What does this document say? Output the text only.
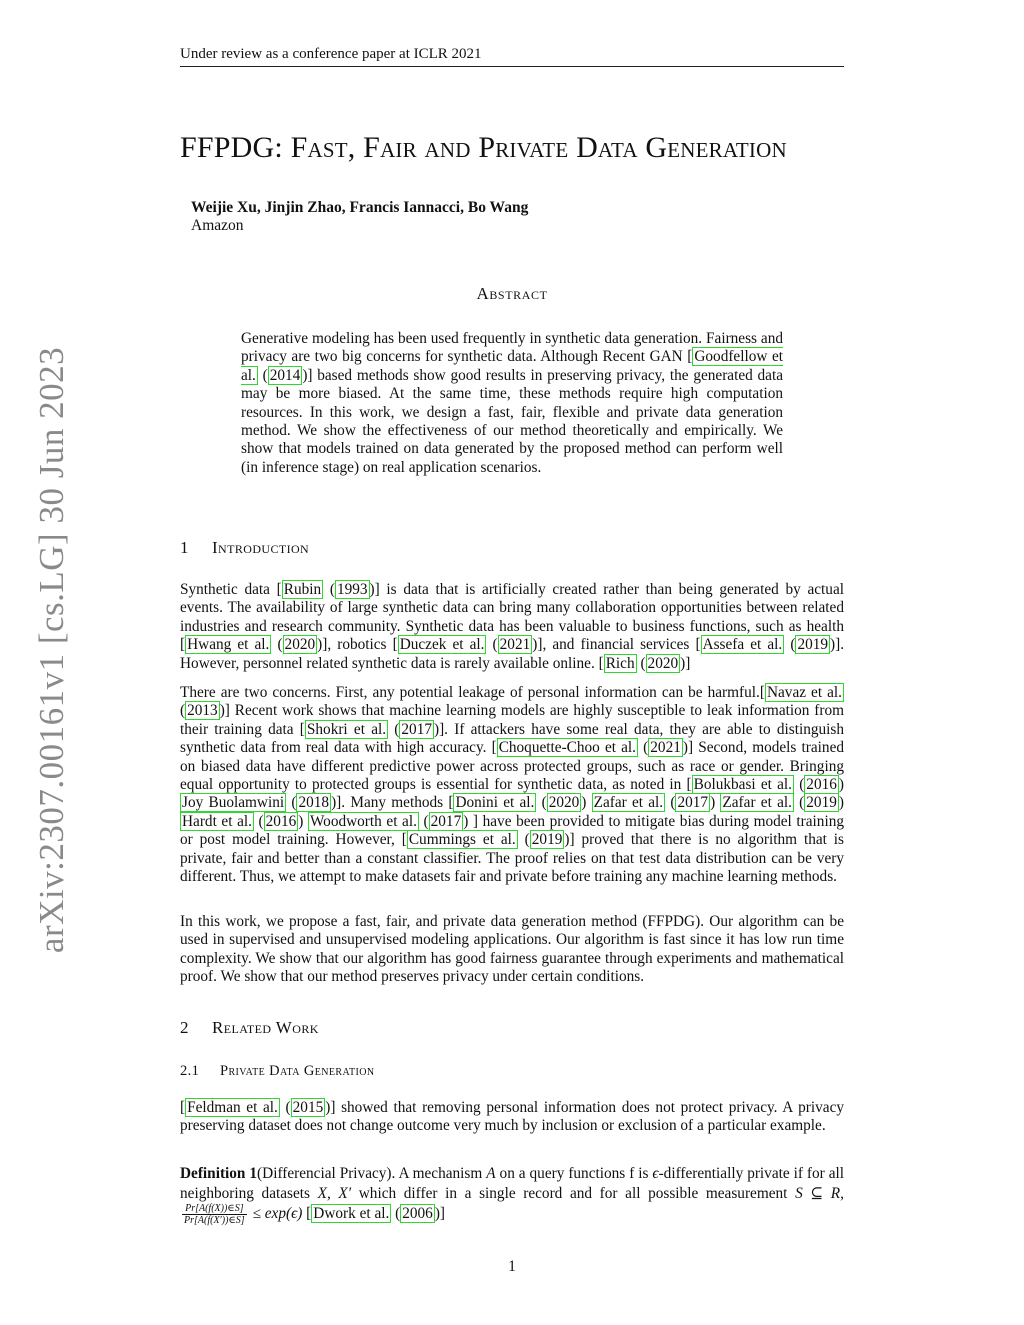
Under review as a conference paper at ICLR 2021
FFPDG: Fast, Fair and Private Data Generation
Weijie Xu, Jinjin Zhao, Francis Iannacci, Bo Wang
Amazon
Abstract
Generative modeling has been used frequently in synthetic data generation. Fairness and privacy are two big concerns for synthetic data. Although Recent GAN [ Goodfellow et al. ( 2014 )] based methods show good results in preserving privacy, the generated data may be more biased. At the same time, these methods require high computation resources. In this work, we design a fast, fair, flexible and private data generation method. We show the effectiveness of our method theoretically and empirically. We show that models trained on data generated by the proposed method can perform well (in inference stage) on real application scenarios.
1 Introduction
Synthetic data [ Rubin ( 1993 )] is data that is artificially created rather than being generated by actual events. The availability of large synthetic data can bring many collaboration opportunities between related industries and research community. Synthetic data has been valuable to business functions, such as health [ Hwang et al. ( 2020 )], robotics [ Duczek et al. ( 2021 )], and financial services [ Assefa et al. ( 2019 )]. However, personnel related synthetic data is rarely available online. [ Rich ( 2020 )]
There are two concerns. First, any potential leakage of personal information can be harmful.[ Navaz et al. ( 2013 )] Recent work shows that machine learning models are highly susceptible to leak information from their training data [ Shokri et al. ( 2017 )]. If attackers have some real data, they are able to distinguish synthetic data from real data with high accuracy. [ Choquette-Choo et al. ( 2021 )] Second, models trained on biased data have different predictive power across protected groups, such as race or gender. Bringing equal opportunity to protected groups is essential for synthetic data, as noted in [ Bolukbasi et al. ( 2016 ) Joy Buolamwini ( 2018 )]. Many methods [ Donini et al. ( 2020 ) Zafar et al. ( 2017 ) Zafar et al. ( 2019 ) Hardt et al. ( 2016 ) Woodworth et al. ( 2017 ) ] have been provided to mitigate bias during model training or post model training. However, [ Cummings et al. ( 2019 )] proved that there is no algorithm that is private, fair and better than a constant classifier. The proof relies on that test data distribution can be very different. Thus, we attempt to make datasets fair and private before training any machine learning methods.
In this work, we propose a fast, fair, and private data generation method (FFPDG). Our algorithm can be used in supervised and unsupervised modeling applications. Our algorithm is fast since it has low run time complexity. We show that our algorithm has good fairness guarantee through experiments and mathematical proof. We show that our method preserves privacy under certain conditions.
2 Related Work
2.1 Private Data Generation
[ Feldman et al. ( 2015 )] showed that removing personal information does not protect privacy. A privacy preserving dataset does not change outcome very much by inclusion or exclusion of a particular example.
Definition 1(Differencial Privacy). A mechanism A on a query functions f is ϵ-differentially private if for all neighboring datasets X, X′ which differ in a single record and for all possible measurement S ⊆ R,
$\frac{Pr[A(f(X))\in S]}{Pr[A(f(X'))\in S]} \le \exp(\epsilon)$ [ Dwork et al. ( 2006 )]
1
arXiv:2307.00161v1 [cs.LG] 30 Jun 2023
